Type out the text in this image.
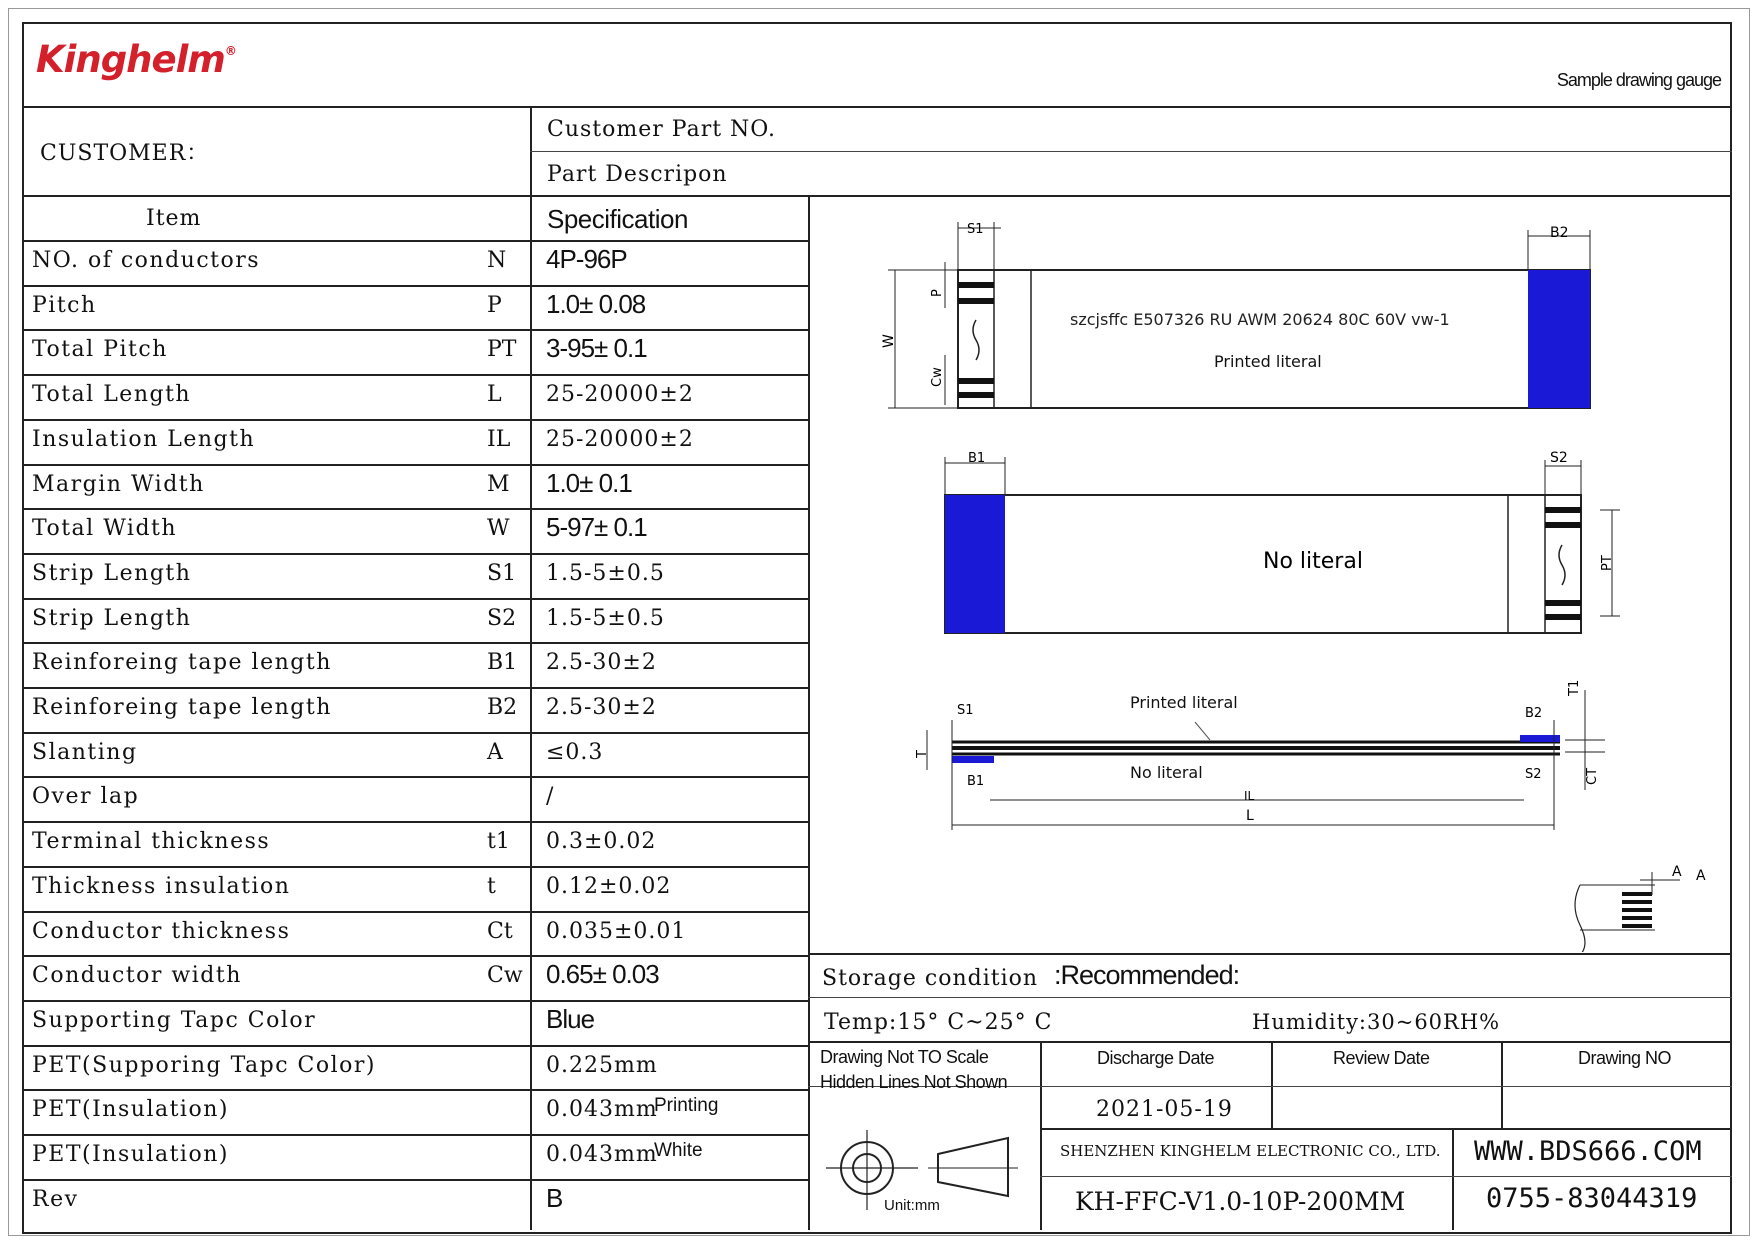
Kinghelm®
Sample drawing gauge
CUSTOMER：
Customer Part NO.
Part Descripon
Item	Specification
NO. of conductors	N 4P-96P
Pitch	P 1.0± 0.08
Total Pitch	PT 3-95± 0.1
Total Length	L 25-20000±2
Insulation Length	IL 25-20000±2
Margin Width	M 1.0± 0.1
Total Width	W 5-97± 0.1
Strip Length	S1 1.5-5±0.5
Strip Length	S2 1.5-5±0.5
Reinforeing tape length	B1 2.5-30±2
Reinforeing tape length	B2 2.5-30±2
Slanting	A ≤0.3
Over lap	/
Terminal thickness	t1 0.3±0.02
Thickness insulation	t 0.12±0.02
Conductor thickness	Ct 0.035±0.01
Conductor width	Cw 0.65± 0.03
Supporting Tapc Color	Blue
PET(Supporing Tapc Color)	0.225mm
PET(Insulation)	0.043mm
Printing
PET(Insulation)	0.043mm
White
Rev	B
szcjsffc E507326 RU AWM 20624 80C 60V vw-1
Printed literal
S1	B2
W
P
Cw
No literal
B1	S2
PT
Printed literal
No literal
L
IL
S1
B1
B2
S2
T
T1
CT
A A
Storage condition :Recommended:
Temp:15° C~25° C	Humidity:30~60RH%
Drawing Not TO Scale
Hidden Lines Not Shown
Discharge Date	Review Date	Drawing NO
2021-05-19
SHENZHEN KINGHELM ELECTRONIC CO., LTD. WWW.BDS666.COM
KH-FFC-V1.0-10P-200MM	0755-83044319
Unit:mm
